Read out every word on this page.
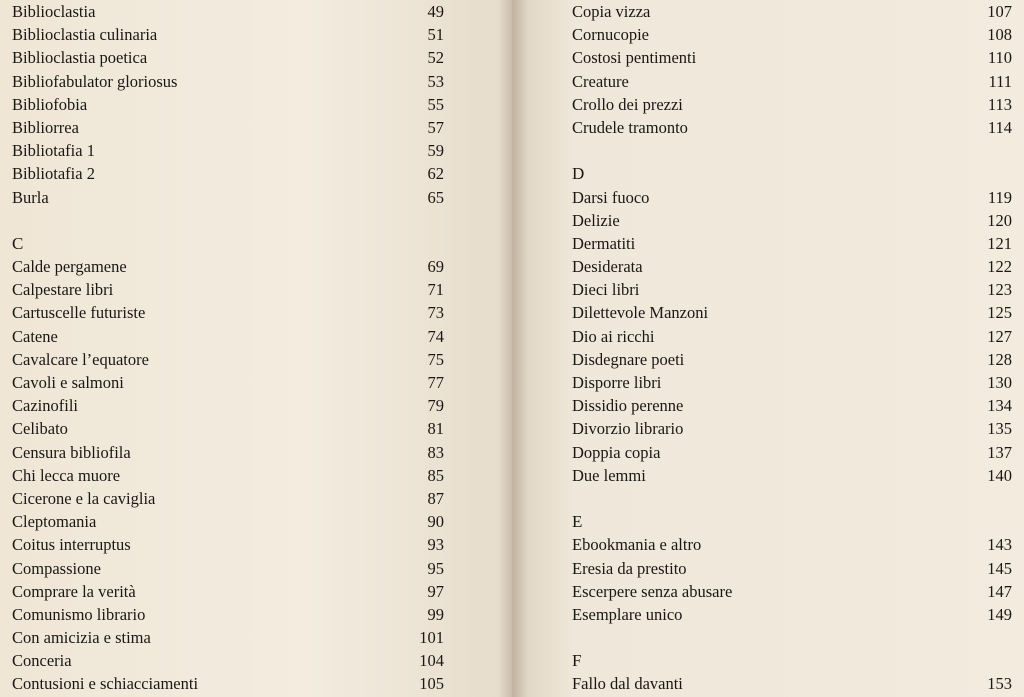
Biblioclastia	49
Biblioclastia culinaria	51
Biblioclastia poetica	52
Bibliofabulator gloriosus	53
Bibliofobia	55
Bibliorrea	57
Bibliotafia 1	59
Bibliotafia 2	62
Burla	65
C
Calde pergamene	69
Calpestare libri	71
Cartuscelle futuriste	73
Catene	74
Cavalcare l’equatore	75
Cavoli e salmoni	77
Cazinofili	79
Celibato	81
Censura bibliofila	83
Chi lecca muore	85
Cicerone e la caviglia	87
Cleptomania	90
Coitus interruptus	93
Compassione	95
Comprare la verità	97
Comunismo librario	99
Con amicizia e stima	101
Conceria	104
Contusioni e schiacciamenti	105
Copia vizza	107
Cornucopie	108
Costosi pentimenti	110
Creature	111
Crollo dei prezzi	113
Crudele tramonto	114
D
Darsi fuoco	119
Delizie	120
Dermatiti	121
Desiderata	122
Dieci libri	123
Dilettevole Manzoni	125
Dio ai ricchi	127
Disdegnare poeti	128
Disporre libri	130
Dissidio perenne	134
Divorzio librario	135
Doppia copia	137
Due lemmi	140
E
Ebookmania e altro	143
Eresia da prestito	145
Escerpere senza abusare	147
Esemplare unico	149
F
Fallo dal davanti	153
